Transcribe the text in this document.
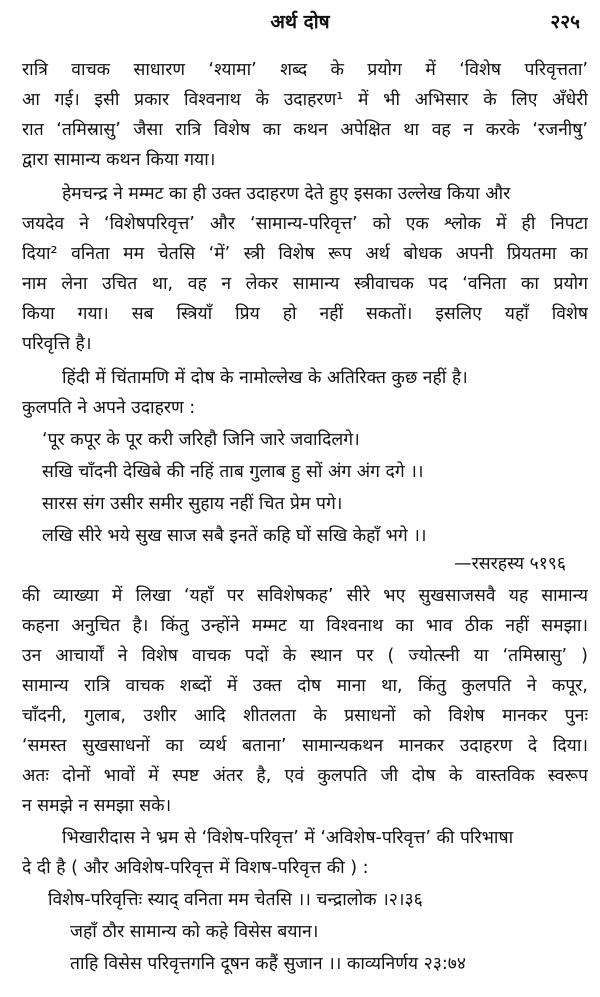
अर्थ दोष	२२५
रात्रि वाचक साधारण ‘श्यामा’ शब्द के प्रयोग में ‘विशेष परिवृत्तता’
आ गई। इसी प्रकार विश्वनाथ के उदाहरण¹ में भी अभिसार के लिए अँधेरी
रात ‘तमिस्रासु’ जैसा रात्रि विशेष का कथन अपेक्षित था वह न करके ‘रजनीषु’
द्वारा सामान्य कथन किया गया।
हेमचन्द्र ने मम्मट का ही उक्त उदाहरण देते हुए इसका उल्लेख किया और
जयदेव ने ‘विशेषपरिवृत्त’ और ‘सामान्य-परिवृत्त’ को एक श्लोक में ही निपटा
दिया² वनिता मम चेतसि ‘में’ स्त्री विशेष रूप अर्थ बोधक अपनी प्रियतमा का
नाम लेना उचित था, वह न लेकर सामान्य स्त्रीवाचक पद ‘वनिता का प्रयोग
किया गया। सब स्त्रियाँ प्रिय हो नहीं सकतों। इसलिए यहाँ विशेष
परिवृत्ति है।
हिंदी में चिंतामणि में दोष के नामोल्लेख के अतिरिक्त कुछ नहीं है।
कुलपति ने अपने उदाहरण :
‘पूर कपूर के पूर करी जरिहौ जिनि जारे जवादिलगे।
सखि चाँदनी देखिबे की नहिं ताब गुलाब हु सों अंग अंग दगे ।।
सारस संग उसीर समीर सुहाय नहीं चित प्रेम पगे।
लखि सीरे भये सुख साज सबै इनतें कहि घों सखि केहाँ भगे ।।
—रसरहस्य ५१९६
की व्याख्या में लिखा ‘यहाँ पर सविशेषकह’ सीरे भए सुखसाजसवै यह सामान्य
कहना अनुचित है। किंतु उन्होंने मम्मट या विश्वनाथ का भाव ठीक नहीं समझा।
उन आचार्यों ने विशेष वाचक पदों के स्थान पर ( ज्योत्स्नी या ‘तमिस्रासु’ )
सामान्य रात्रि वाचक शब्दों में उक्त दोष माना था, किंतु कुलपति ने कपूर,
चाँदनी, गुलाब, उशीर आदि शीतलता के प्रसाधनों को विशेष मानकर पुनः
‘समस्त सुखसाधनों का व्यर्थ बताना’ सामान्यकथन मानकर उदाहरण दे दिया।
अतः दोनों भावों में स्पष्ट अंतर है, एवं कुलपति जी दोष के वास्तविक स्वरूप
न समझे न समझा सके।
भिखारीदास ने भ्रम से ‘विशेष-परिवृत्त’ में ‘अविशेष-परिवृत्त’ की परिभाषा
दे दी है ( और अविशेष-परिवृत्त में विशष-परिवृत्त की ) :
विशेष-परिवृत्तिः स्याद् वनिता मम चेतसि ।। चन्द्रालोक ।२।३६
जहाँ ठौर सामान्य को कहे विसेस बयान।
ताहि विसेस परिवृत्तगनि दूषन कहैं सुजान ।। काव्यनिर्णय २३:७४
